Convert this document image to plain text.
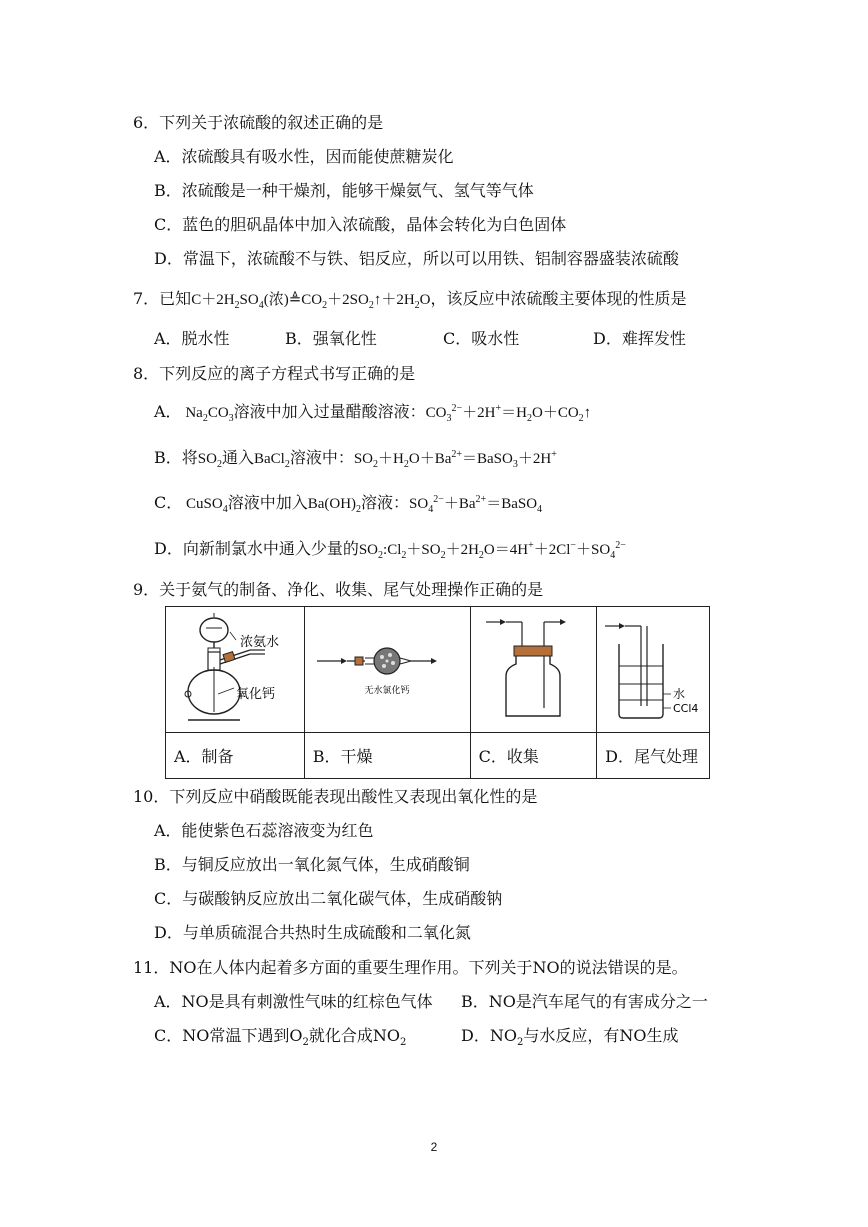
6．下列关于浓硫酸的叙述正确的是
A．浓硫酸具有吸水性，因而能使蔗糖炭化
B．浓硫酸是一种干燥剂，能够干燥氨气、氢气等气体
C．蓝色的胆矾晶体中加入浓硫酸，晶体会转化为白色固体
D．常温下，浓硫酸不与铁、铝反应，所以可以用铁、铝制容器盛装浓硫酸
7．已知$C+2H_2SO_4$(浓)$≜CO_2+2SO_2↑+2H_2O$，该反应中浓硫酸主要体现的性质是
A．脱水性	B．强氧化性	C．吸水性	D．难挥发性
8．下列反应的离子方程式书写正确的是
A． $Na_2CO_3$溶液中加入过量醋酸溶液：$CO_3^{2-}+2H^+=H_2O+CO_2↑$
B．将$SO_2$通入BaCl$_2$溶液中：$SO_2+H_2O+Ba^{2+}=BaSO_3+2H^+$
C． CuSO$_4$溶液中加入$Ba(OH)_2$溶液：$SO_4^{2-}+Ba^{2+}=BaSO_4$
D．向新制氯水中通入少量的$SO_2:Cl_2+SO_2+2H_2O=4H^++2Cl^-+SO_4^{2-}$
9．关于氨气的制备、净化、收集、尾气处理操作正确的是
浓氨水
氧化钙	无水氯化钙		水
CCl4

A．制备	B．干燥	C．收集	D．尾气处理
10．下列反应中硝酸既能表现出酸性又表现出氧化性的是
A．能使紫色石蕊溶液变为红色
B．与铜反应放出一氧化氮气体，生成硝酸铜
C．与碳酸钠反应放出二氧化碳气体，生成硝酸钠
D．与单质硫混合共热时生成硫酸和二氧化氮
11．NO在人体内起着多方面的重要生理作用。下列关于NO的说法错误的是。
A．NO是具有刺激性气味的红棕色气体 B．NO是汽车尾气的有害成分之一
C．NO常温下遇到$O_2$就化合成$NO_2$	D．$NO_2$与水反应，有NO生成
2
